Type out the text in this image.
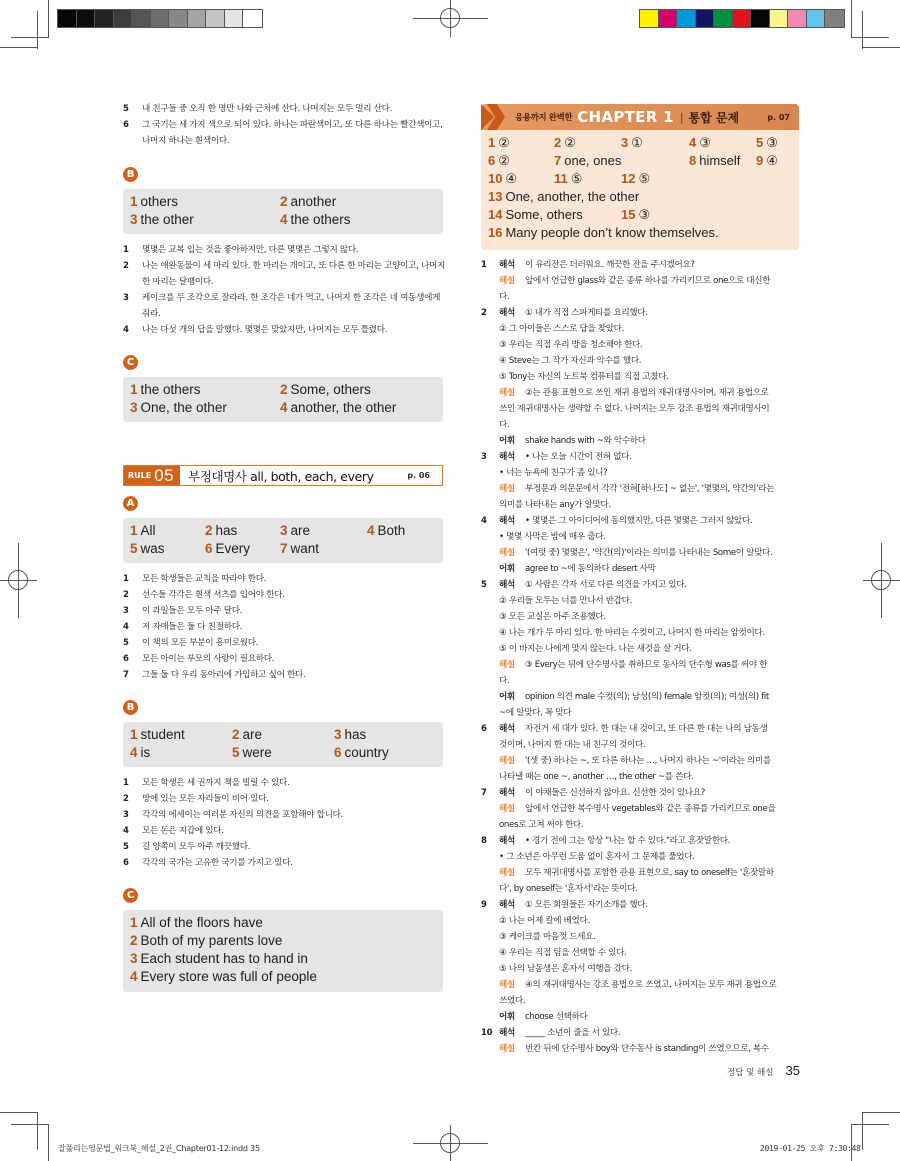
5	내 친구들 중 오직 한 명만 나와 근처에 산다. 나머지는 모두 멀리 산다.
6	그 국기는 세 가지 색으로 되어 있다. 하나는 파란색이고, 또 다른 하나는 빨간색이고, 나머지 하나는 흰색이다.
B
1 others	2 another
3 the other	4 the others
1	몇몇은 교복 입는 것을 좋아하지만, 다른 몇몇은 그렇지 않다.
2	나는 애완동물이 세 마리 있다. 한 마리는 개이고, 또 다른 한 마리는 고양이고, 나머지 한 마리는 달팽이다.
3	케이크를 두 조각으로 잘라라. 한 조각은 네가 먹고, 나머지 한 조각은 네 여동생에게 줘라.
4	나는 다섯 개의 답을 말했다. 몇몇은 맞았지만, 나머지는 모두 틀렸다.
C
1 the others	2 Some, others
3 One, the other	4 another, the other
RULE 05 부정대명사 all, both, each, every	p. 06
A
1 All	2 has	3 are	4 Both
5 was	6 Every 7 want
1	모든 학생들은 교칙을 따라야 한다.
2	선수들 각각은 흰색 셔츠를 입어야 한다.
3	이 과일들은 모두 아주 달다.
4	저 자매들은 둘 다 친절하다.
5	이 책의 모든 부분이 흥미로웠다.
6	모든 아이는 부모의 사랑이 필요하다.
7	그들 둘 다 우리 동아리에 가입하고 싶어 한다.
B
1 student	2 are	3 has
4 is	5 were	6 country
1	모든 학생은 세 권까지 책을 빌릴 수 있다.
2	방에 있는 모든 자리들이 비어 있다.
3	각각의 에세이는 여러분 자신의 의견을 포함해야 합니다.
4	모든 돈은 지갑에 있다.
5	길 양쪽이 모두 아주 깨끗했다.
6	각각의 국가는 고유한 국기를 가지고 있다.
C
1 All of the floors have
2 Both of my parents love
3 Each student has to hand in
4 Every store was full of people
응용까지 완벽한 CHAPTER 1 | 통합 문제	p. 07
1 ②	2 ②	3 ①	4 ③	5 ③
6 ②	7 one, ones	8 himself 9 ④
10 ④	11 ⑤	12 ⑤
13 One, another, the other
14 Some, others	15 ③
16 Many people don’t know themselves.
1	해석	이 유리잔은 더러워요. 깨끗한 잔을 주시겠어요?
해설	앞에서 언급한 glass와 같은 종류 하나를 가리키므로 one으로 대신한
다.
2	해석	① 내가 직접 스파게티를 요리했다.
② 그 아이들은 스스로 답을 찾았다.
③ 우리는 직접 우리 방을 청소해야 한다.
④ Steve는 그 작가 자신과 악수를 했다.
⑤ Tony는 자신의 노트북 컴퓨터를 직접 고쳤다.
해설	②는 관용 표현으로 쓰인 재귀 용법의 재귀대명사이며, 재귀 용법으로
쓰인 재귀대명사는 생략할 수 없다. 나머지는 모두 강조 용법의 재귀대명사이
다.
어휘	shake hands with ~와 악수하다
3	해석	• 나는 오늘 시간이 전혀 없다.
• 너는 뉴욕에 친구가 좀 있니?
해설	부정문과 의문문에서 각각 '전혀[하나도] ~ 없는', '몇몇의, 약간의'라는
의미를 나타내는 any가 알맞다.
4	해석	• 몇몇은 그 아이디어에 동의했지만, 다른 몇몇은 그러지 않았다.
• 몇몇 사막은 밤에 매우 춥다.
해설	'(여럿 중) 몇몇은', '약간(의)'이라는 의미를 나타내는 Some이 알맞다.
어휘	agree to ~에 동의하다 desert 사막
5	해석	① 사람은 각자 서로 다른 의견을 가지고 있다.
② 우리들 모두는 너를 만나서 반갑다.
③ 모든 교실은 아주 조용했다.
④ 나는 개가 두 마리 있다. 한 마리는 수컷이고, 나머지 한 마리는 암컷이다.
⑤ 이 바지는 나에게 맞지 않는다. 나는 새것을 살 거다.
해설	③ Every는 뒤에 단수명사를 취하므로 동사의 단수형 was를 써야 한
다.
어휘	opinion 의견 male 수컷(의); 남성(의) female 암컷(의); 여성(의) fit
~에 알맞다, 꼭 맞다
6	해석	자전거 세 대가 있다. 한 대는 내 것이고, 또 다른 한 대는 나의 남동생
것이며, 나머지 한 대는 내 친구의 것이다.
해설	'(셋 중) 하나는 ~, 또 다른 하나는 …, 나머지 하나는 ~'이라는 의미를
나타낼 때는 one ~, another …, the other ~를 쓴다.
7	해석	이 야채들은 신선하지 않아요. 신선한 것이 있나요?
해설	앞에서 언급한 복수명사 vegetables와 같은 종류를 가리키므로 one을
ones로 고쳐 써야 한다.
8	해석	• 경기 전에 그는 항상 "나는 할 수 있다."라고 혼잣말한다.
• 그 소년은 아무런 도움 없이 혼자서 그 문제를 풀었다.
해설	모두 재귀대명사를 포함한 관용 표현으로, say to oneself는 '혼잣말하
다', by oneself는 '혼자서'라는 뜻이다.
9	해석	① 모든 회원들은 자기소개를 했다.
② 나는 어제 칼에 베였다.
③ 케이크를 마음껏 드세요.
④ 우리는 직접 팀을 선택할 수 있다.
⑤ 나의 남동생은 혼자서 여행을 갔다.
해설	④의 재귀대명사는 강조 용법으로 쓰였고, 나머지는 모두 재귀 용법으로
쓰였다.
어휘	choose 선택하다
10 해석	_____ 소년이 줄을 서 있다.
해설	빈칸 뒤에 단수명사 boy와 단수동사 is standing이 쓰였으므로, 복수
정답 및 해설 35
잘풀리는영문법_워크북_해설_2권_Chapter01-12.indd 35	2019-01-25 오후 7:30:48
